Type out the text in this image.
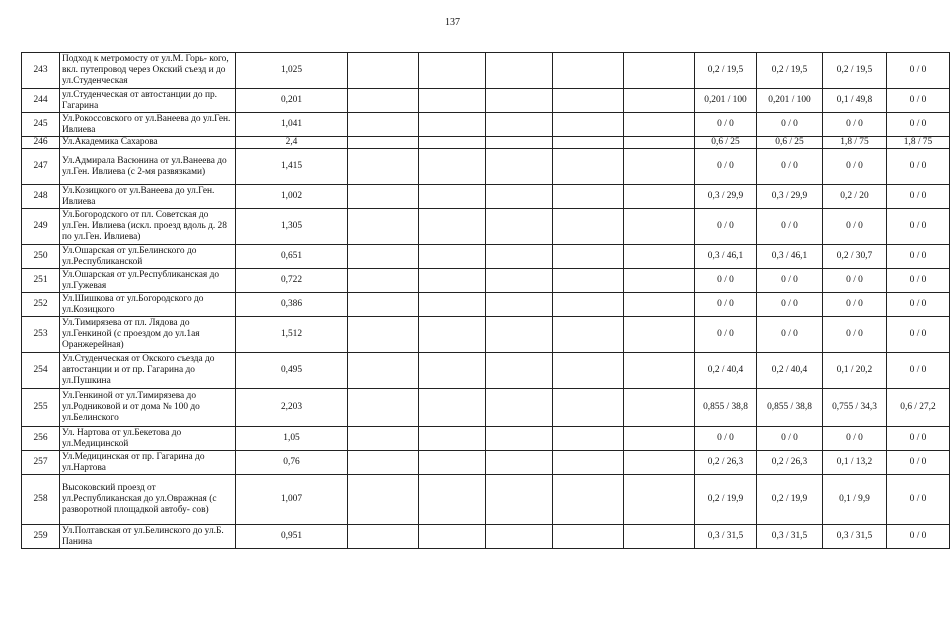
137
243	Подход к метромосту от ул.М. Горь- кого, вкл. путепровод через Окский съезд и до ул.Студенческая	1,025						0,2 / 19,5	0,2 / 19,5	0,2 / 19,5	0 / 0
244	ул.Студенческая от автостанции до пр. Гагарина	0,201						0,201 / 100	0,201 / 100	0,1 / 49,8	0 / 0
245	Ул.Рокоссовского от ул.Ванеева до ул.Ген. Ивлиева	1,041						0 / 0	0 / 0	0 / 0	0 / 0
246	Ул.Академика Сахарова	2,4						0,6 / 25	0,6 / 25	1,8 / 75	1,8 / 75
247	Ул.Адмирала Васюнина от ул.Ванеева до ул.Ген. Ивлиева (с 2-мя развязками)	1,415						0 / 0	0 / 0	0 / 0	0 / 0
248	Ул.Козицкого от ул.Ванеева до ул.Ген. Ивлиева	1,002						0,3 / 29,9	0,3 / 29,9	0,2 / 20	0 / 0
249	Ул.Богородского от пл. Советская до ул.Ген. Ивлиева (искл. проезд вдоль д. 28 по ул.Ген. Ивлиева)	1,305						0 / 0	0 / 0	0 / 0	0 / 0
250	Ул.Ошарская от ул.Белинского до ул.Республиканской	0,651						0,3 / 46,1	0,3 / 46,1	0,2 / 30,7	0 / 0
251	Ул.Ошарская от ул.Республиканская до ул.Гужевая	0,722						0 / 0	0 / 0	0 / 0	0 / 0
252	Ул.Шишкова от ул.Богородского до ул.Козицкого	0,386						0 / 0	0 / 0	0 / 0	0 / 0
253	Ул.Тимирязева от пл. Лядова до ул.Генкиной (с проездом до ул.1ая Оранжерейная)	1,512						0 / 0	0 / 0	0 / 0	0 / 0
254	Ул.Студенческая от Окского съезда до автостанции и от пр. Гагарина до ул.Пушкина	0,495						0,2 / 40,4	0,2 / 40,4	0,1 / 20,2	0 / 0
255	Ул.Генкиной от ул.Тимирязева до ул.Родниковой и от дома № 100 до ул.Белинского	2,203						0,855 / 38,8	0,855 / 38,8	0,755 / 34,3	0,6 / 27,2
256	Ул. Нартова от ул.Бекетова до ул.Медицинской	1,05						0 / 0	0 / 0	0 / 0	0 / 0
257	Ул.Медицинская от пр. Гагарина до ул.Нартова	0,76						0,2 / 26,3	0,2 / 26,3	0,1 / 13,2	0 / 0
258	Высоковский проезд от ул.Республиканская до ул.Овражная (с разворотной площадкой автобу- сов)	1,007						0,2 / 19,9	0,2 / 19,9	0,1 / 9,9	0 / 0
259	Ул.Полтавская от ул.Белинского до ул.Б. Панина	0,951						0,3 / 31,5	0,3 / 31,5	0,3 / 31,5	0 / 0
